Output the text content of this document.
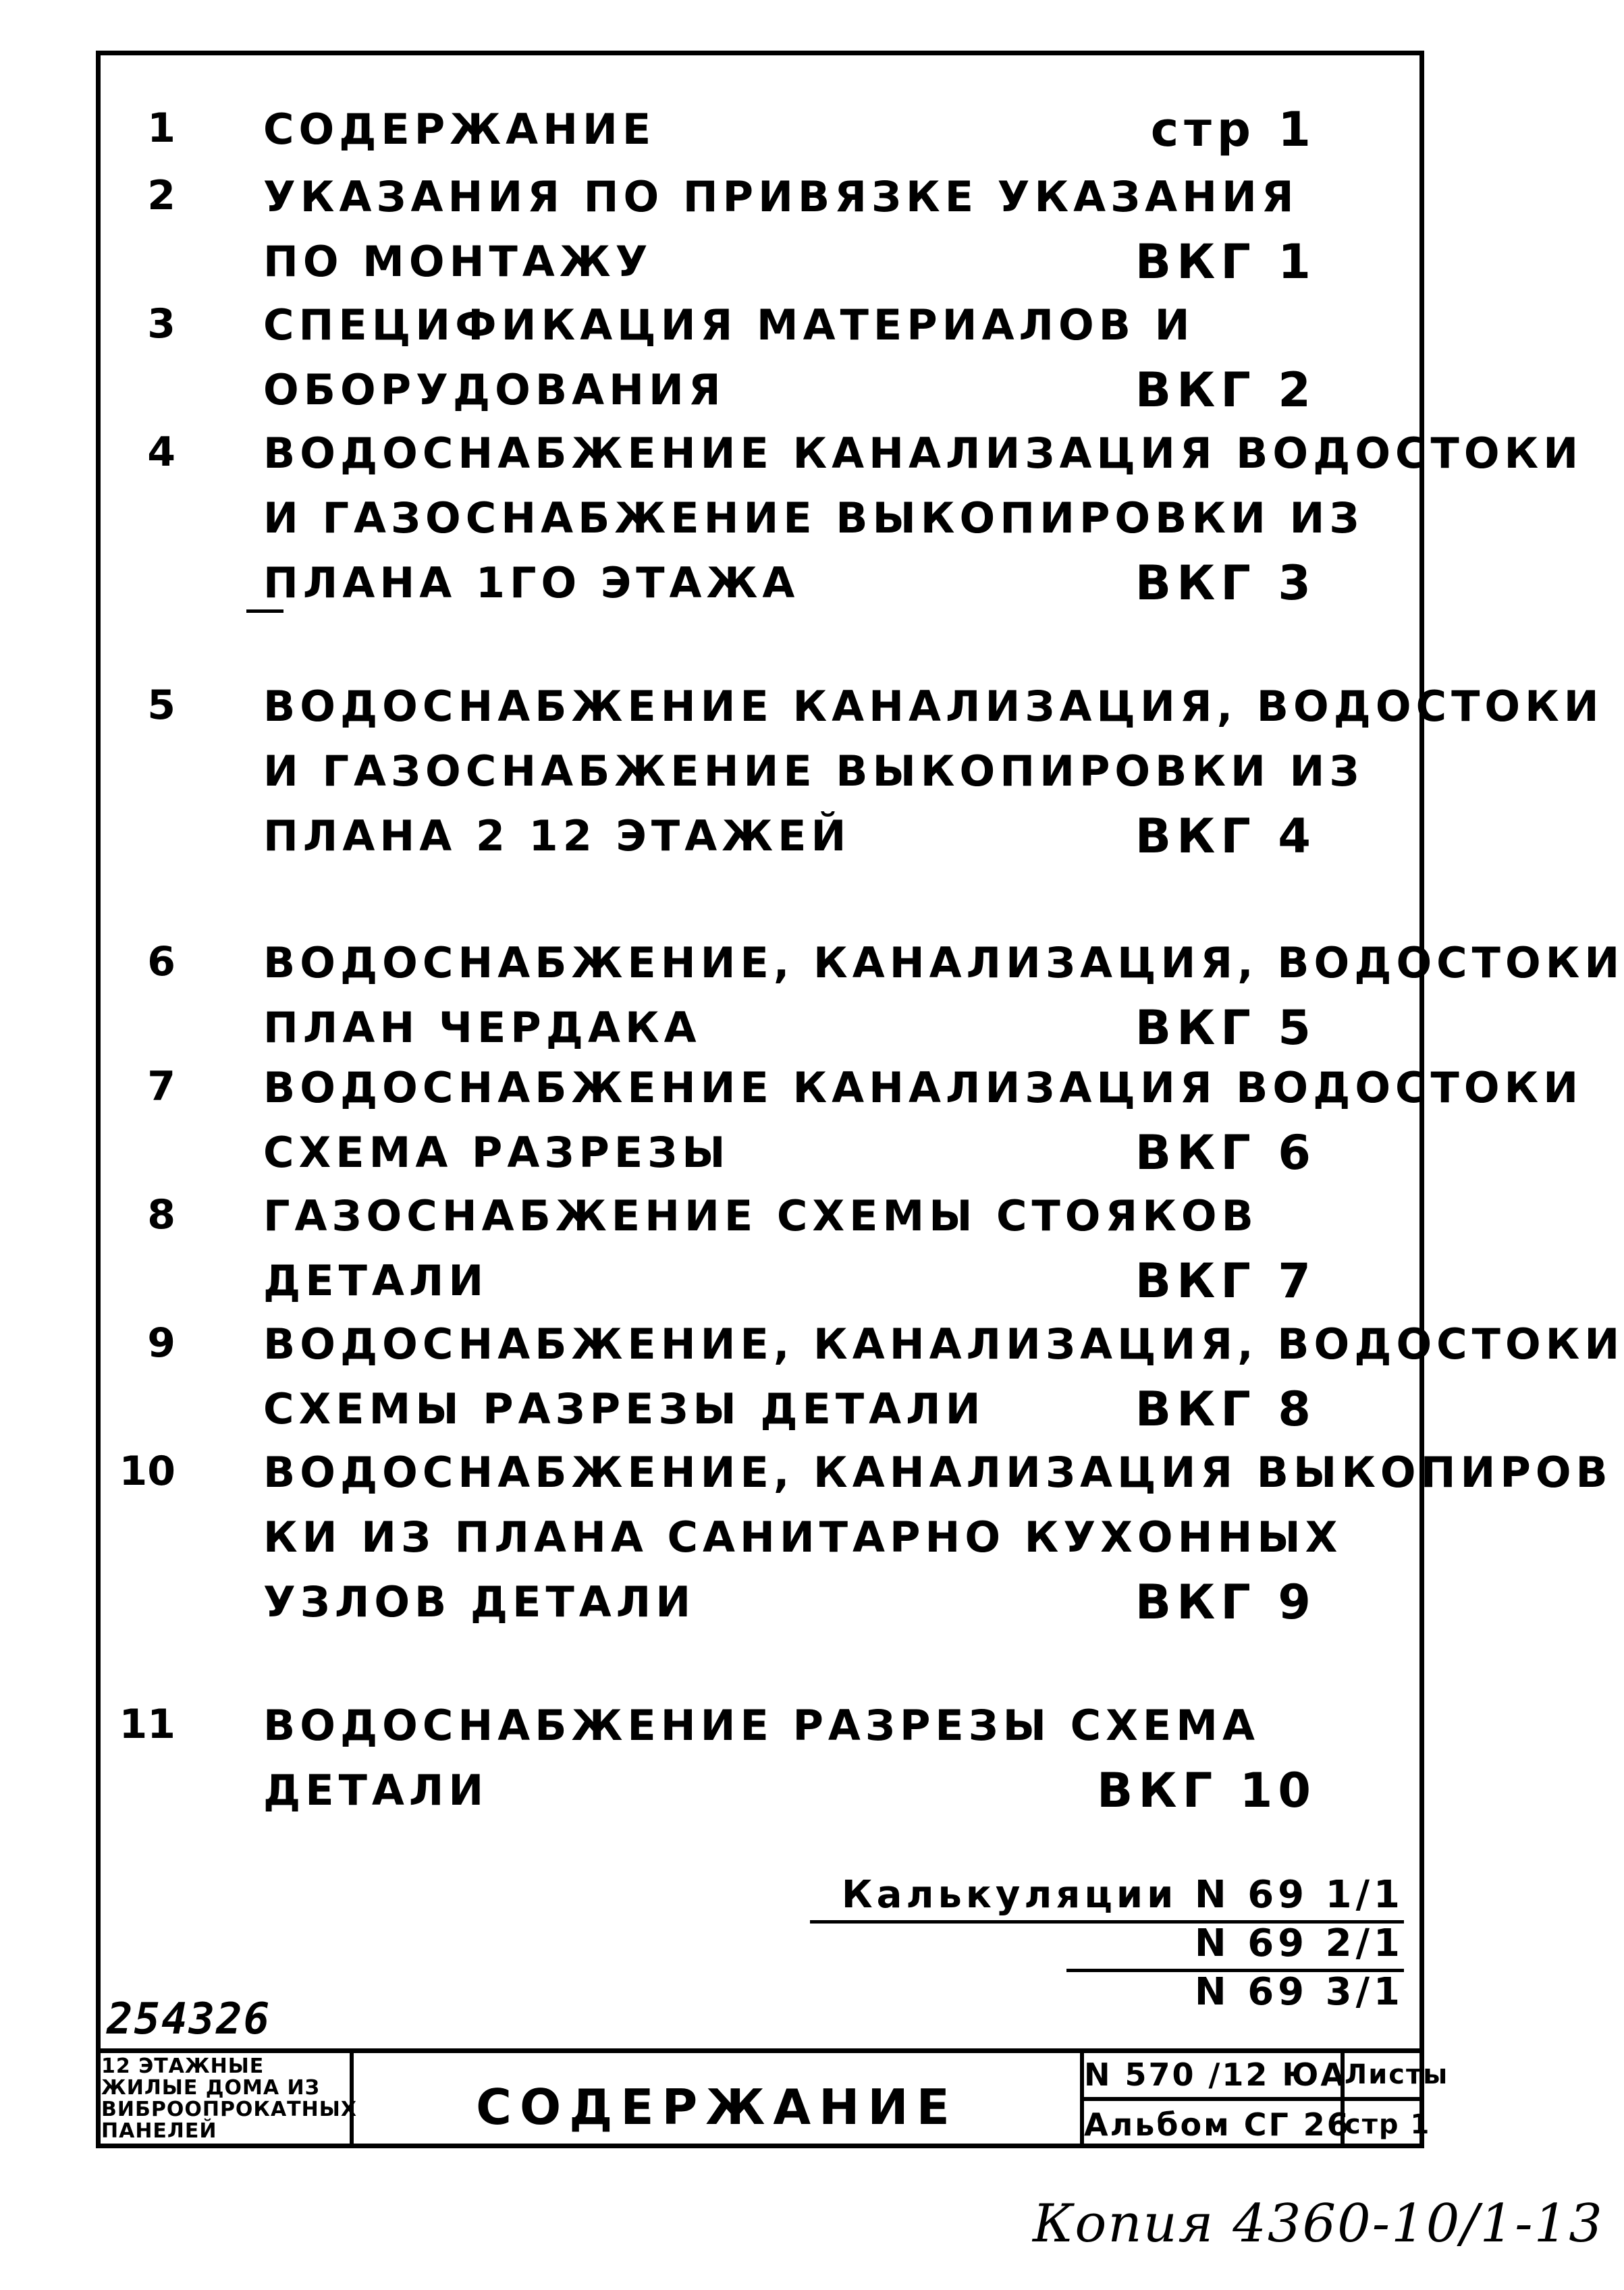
1 СОДЕРЖАНИЕ	стр 1
2 УКАЗАНИЯ ПО ПРИВЯЗКЕ УКАЗАНИЯ
ПО МОНТАЖУ	ВКГ 1
3 СПЕЦИФИКАЦИЯ МАТЕРИАЛОВ И
ОБОРУДОВАНИЯ	ВКГ 2
4 ВОДОСНАБЖЕНИЕ КАНАЛИЗАЦИЯ ВОДОСТОКИ
И ГАЗОСНАБЖЕНИЕ ВЫКОПИРОВКИ ИЗ
ПЛАНА 1ГО ЭТАЖА	ВКГ 3
5 ВОДОСНАБЖЕНИЕ КАНАЛИЗАЦИЯ, ВОДОСТОКИ
И ГАЗОСНАБЖЕНИЕ ВЫКОПИРОВКИ ИЗ
ПЛАНА 2 12 ЭТАЖЕЙ	ВКГ 4
6 ВОДОСНАБЖЕНИЕ, КАНАЛИЗАЦИЯ, ВОДОСТОКИ
ПЛАН ЧЕРДАКА	ВКГ 5
7 ВОДОСНАБЖЕНИЕ КАНАЛИЗАЦИЯ ВОДОСТОКИ
СХЕМА РАЗРЕЗЫ	ВКГ 6
8 ГАЗОСНАБЖЕНИЕ СХЕМЫ СТОЯКОВ
ДЕТАЛИ	ВКГ 7
9 ВОДОСНАБЖЕНИЕ, КАНАЛИЗАЦИЯ, ВОДОСТОКИ
СХЕМЫ РАЗРЕЗЫ ДЕТАЛИ	ВКГ 8
10 ВОДОСНАБЖЕНИЕ, КАНАЛИЗАЦИЯ ВЫКОПИРОВ
КИ ИЗ ПЛАНА САНИТАРНО КУХОННЫХ
УЗЛОВ ДЕТАЛИ	ВКГ 9
11 ВОДОСНАБЖЕНИЕ РАЗРЕЗЫ СХЕМА
ДЕТАЛИ	ВКГ 10
Калькуляции N 69 1/1
N 69 2/1
N 69 3/1
254326
12 ЭТАЖНЫЕ ЖИЛЫЕ ДОМА ИЗ ВИБРООПРОКАТНЫХ ПАНЕЛЕЙ	СОДЕРЖАНИЕ
N 570 /12 ЮА
Альбом СГ 26
Листы
стр 1
Копия 4360-10/1-13
